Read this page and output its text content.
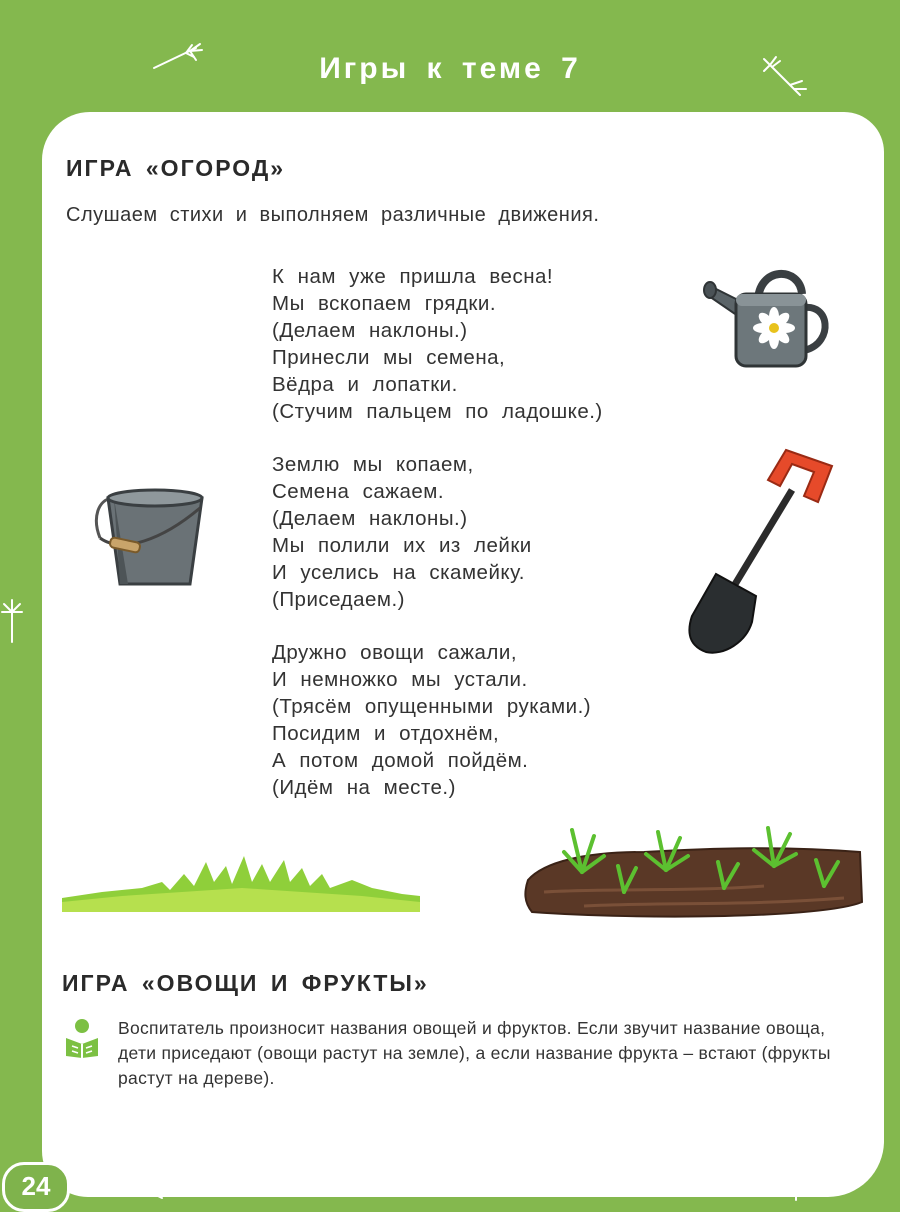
Игры к теме 7
ИГРА «ОГОРОД»
Слушаем стихи и выполняем различные движения.
К нам уже пришла весна!
Мы вскопаем грядки.
(Делаем наклоны.)
Принесли мы семена,
Вёдра и лопатки.
(Стучим пальцем по ладошке.)
Землю мы копаем,
Семена сажаем.
(Делаем наклоны.)
Мы полили их из лейки
И уселись на скамейку.
(Приседаем.)
Дружно овощи сажали,
И немножко мы устали.
(Трясём опущенными руками.)
Посидим и отдохнём,
А потом домой пойдём.
(Идём на месте.)
ИГРА «ОВОЩИ И ФРУКТЫ»
Воспитатель произносит названия овощей и фруктов. Если звучит название овоща, дети приседают (овощи растут на земле), а если название фрукта – встают (фрукты растут на дереве).
24
